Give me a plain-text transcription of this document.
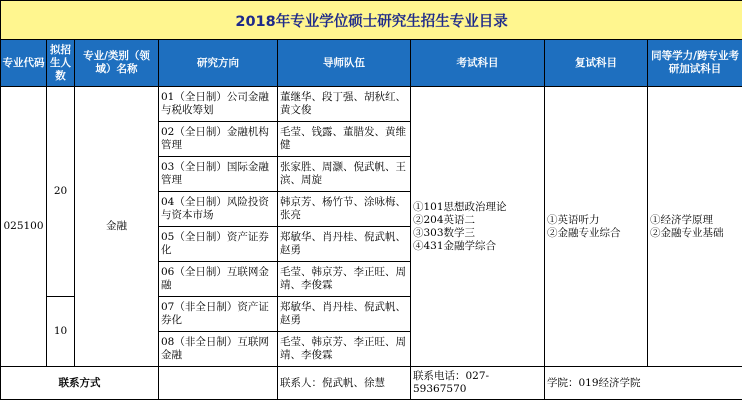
2018年专业学位硕士研究生招生专业目录							
专业代码	拟招生人数	专业/类别（领域）名称	研究方向	导师队伍	考试科目	复试科目	同等学力/跨专业考研加试科目
025100	20	金融	01（全日制）公司金融与税收筹划	董继华、段丁强、胡秋红、黄文俊	①101思想政治理论
②204英语二
③303数学三
④431金融学综合	①英语听力
②金融专业综合	①经济学原理
②金融专业基础

			02（全日制）金融机构管理	毛莹、钱露、董腊发、黄维健			
			03（全日制）国际金融管理	张家胜、周灏、倪武帆、王滨、周旋			
			04（全日制）风险投资与资本市场	韩京芳、杨竹节、涂咏梅、张亮			
			05（全日制）资产证券化	郑敏华、肖丹桂、倪武帆、赵勇			
			06（全日制）互联网金融	毛莹、韩京芳、李正旺、周靖、李俊霖			
	10		07（非全日制）资产证券化	郑敏华、肖丹桂、倪武帆、赵勇			
			08（非全日制）互联网金融	毛莹、韩京芳、李正旺、周靖、李俊霖			
联系方式				联系人：倪武帆、徐慧	联系电话：027-59367570	学院：019经济学院	
